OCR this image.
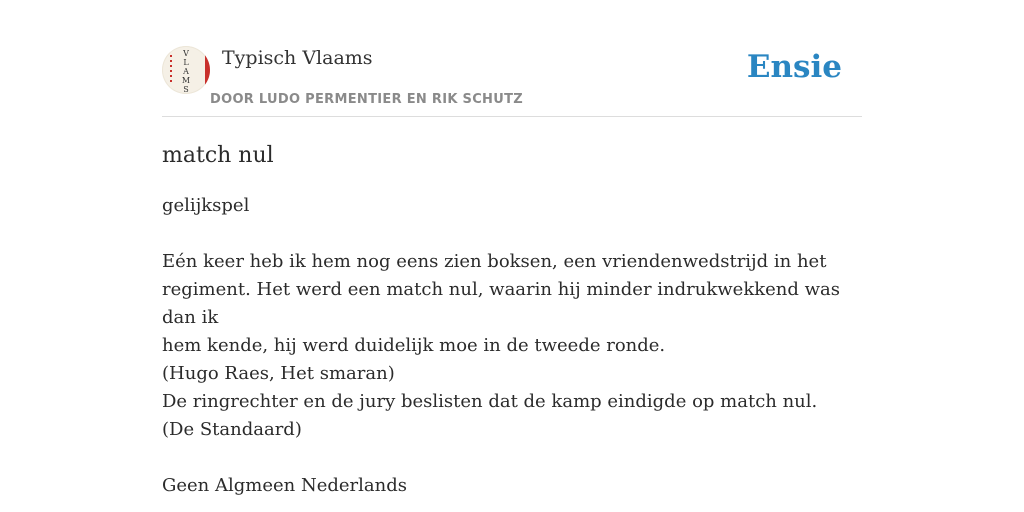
V
L
A
M
S
Typisch Vlaams
DOOR LUDO PERMENTIER EN RIK SCHUTZ
Ensie
match nul

gelijkspel

Eén keer heb ik hem nog eens zien boksen, een vriendenwedstrijd in het

regiment. Het werd een match nul, waarin hij minder indrukwekkend was dan ik

hem kende, hij werd duidelijk moe in de tweede ronde.

(Hugo Raes, Het smaran)

De ringrechter en de jury beslisten dat de kamp eindigde op match nul.

(De Standaard)

Geen Algmeen Nederlands
